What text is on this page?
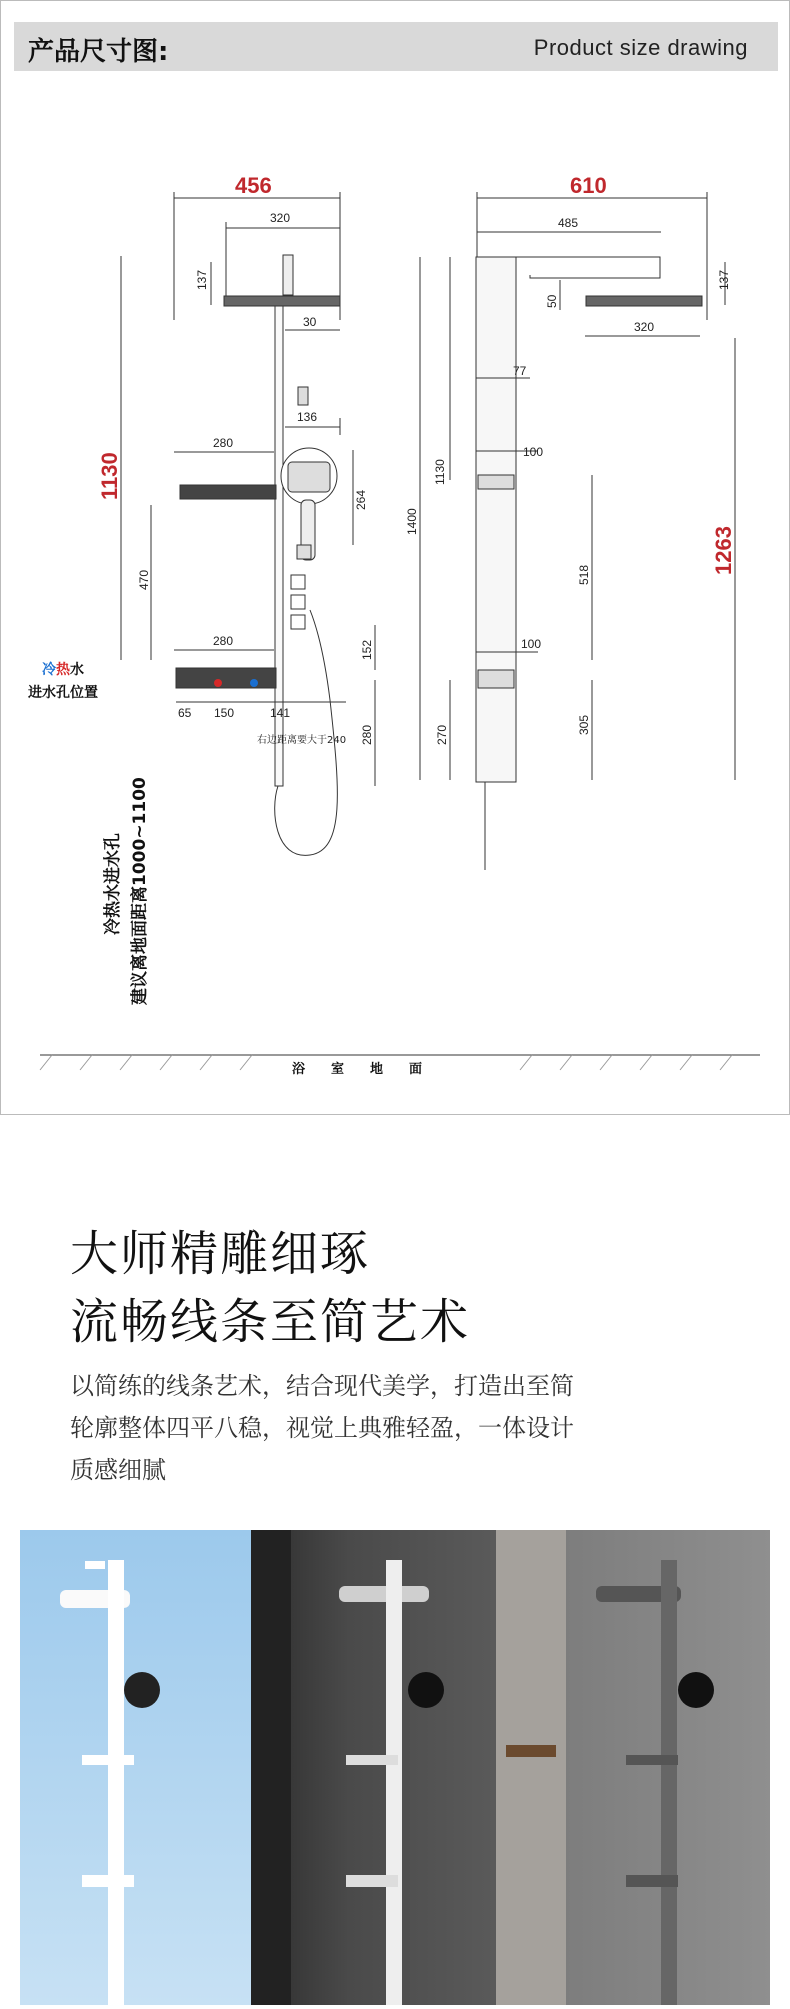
产品尺寸图:	Product size drawing
456
320
137
30
136
1130
280
264
470
280	152
280
65 150	141
右边距离要大于240
冷热水
进水孔位置
冷热水进水孔 建议离地面距离1000~1100
浴　　室　　地　　面
610
485
50
137
320
77
100
1130
1400
1263
518
100
270	305
大师精雕细琢
流畅线条至简艺术
以简练的线条艺术，结合现代美学，打造出至简
轮廓整体四平八稳，视觉上典雅轻盈，一体设计
质感细腻
